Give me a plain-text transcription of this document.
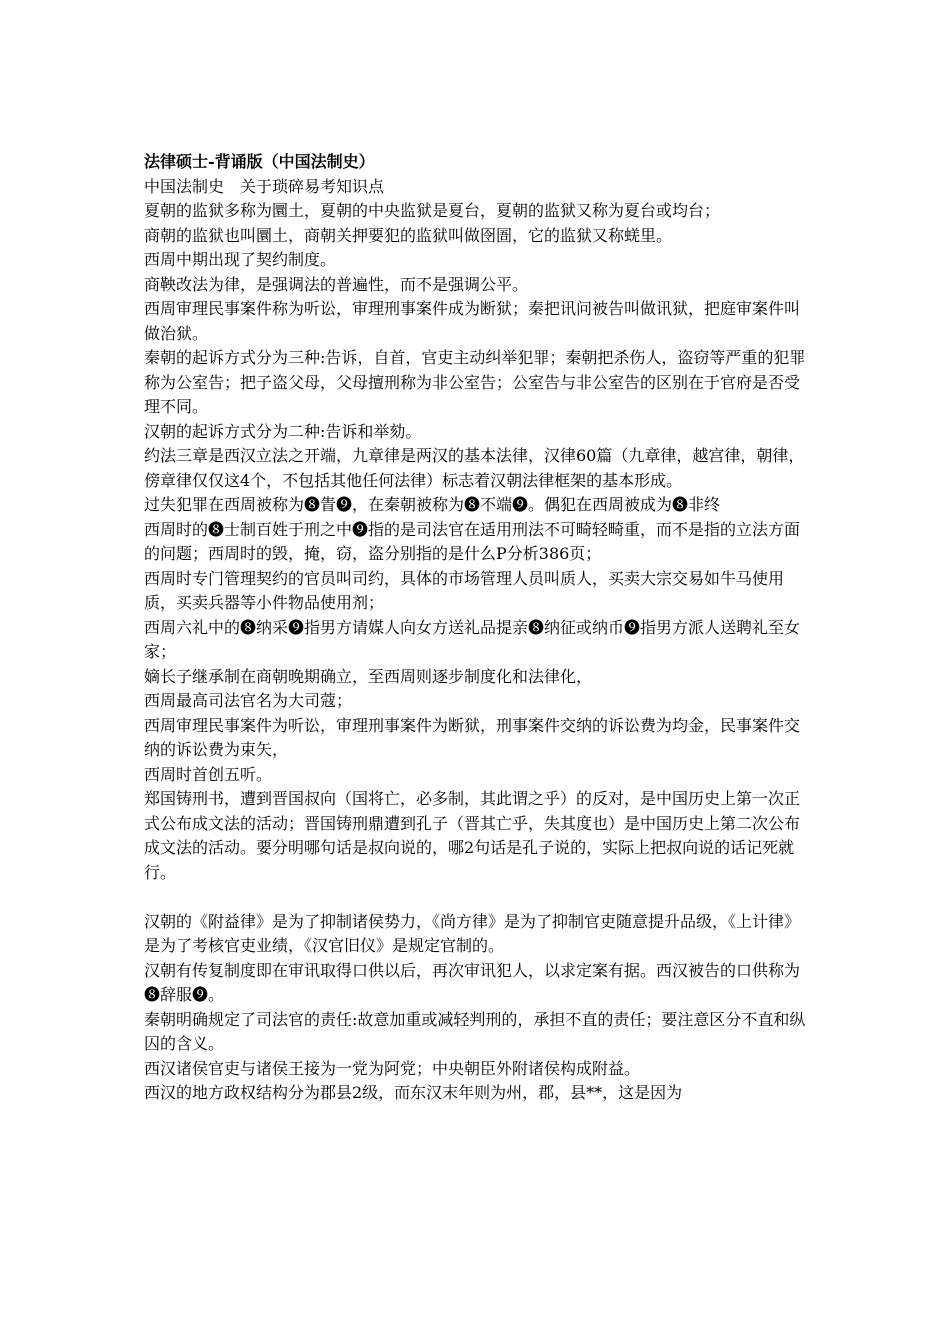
法律硕士-背诵版（中国法制史）

中国法制史　关于琐碎易考知识点

夏朝的监狱多称为圜土，夏朝的中央监狱是夏台，夏朝的监狱又称为夏台或均台；

商朝的监狱也叫圜土，商朝关押要犯的监狱叫做囹圄，它的监狱又称蜣里。

西周中期出现了契约制度。

商鞅改法为律，是强调法的普遍性，而不是强调公平。

西周审理民事案件称为听讼，审理刑事案件成为断狱；秦把讯问被告叫做讯狱，把庭审案件叫做治狱。

秦朝的起诉方式分为三种:告诉，自首，官吏主动纠举犯罪；秦朝把杀伤人，盗窃等严重的犯罪称为公室告；把子盗父母，父母擅刑称为非公室告；公室告与非公室告的区别在于官府是否受理不同。

汉朝的起诉方式分为二种:告诉和举劾。

约法三章是西汉立法之开端，九章律是两汉的基本法律，汉律60篇（九章律，越宫律，朝律，傍章律仅仅这4个，不包括其他任何法律）标志着汉朝法律框架的基本形成。

过失犯罪在西周被称为❽眚❾，在秦朝被称为❽不端❾。偶犯在西周被成为❽非终

西周时的❽士制百姓于刑之中❾指的是司法官在适用刑法不可畸轻畸重，而不是指的立法方面的问题；西周时的毁，掩，窃，盗分别指的是什么P分析386页；

西周时专门管理契约的官员叫司约，具体的市场管理人员叫质人，买卖大宗交易如牛马使用质，买卖兵器等小件物品使用剂；

西周六礼中的❽纳采❾指男方请媒人向女方送礼品提亲❽纳征或纳币❾指男方派人送聘礼至女家；

嫡长子继承制在商朝晚期确立，至西周则逐步制度化和法律化，

西周最高司法官名为大司蔻；

西周审理民事案件为听讼，审理刑事案件为断狱，刑事案件交纳的诉讼费为均金，民事案件交纳的诉讼费为束矢，

西周时首创五听。

郑国铸刑书，遭到晋国叔向（国将亡，必多制，其此谓之乎）的反对，是中国历史上第一次正式公布成文法的活动；晋国铸刑鼎遭到孔子（晋其亡乎，失其度也）是中国历史上第二次公布成文法的活动。要分明哪句话是叔向说的，哪2句话是孔子说的，实际上把叔向说的话记死就行。

汉朝的《附益律》是为了抑制诸侯势力，《尚方律》是为了抑制官吏随意提升品级，《上计律》是为了考核官吏业绩，《汉官旧仪》是规定官制的。

汉朝有传复制度即在审讯取得口供以后，再次审讯犯人，以求定案有据。西汉被告的口供称为❽辞服❾。

秦朝明确规定了司法官的责任:故意加重或减轻判刑的，承担不直的责任；要注意区分不直和纵囚的含义。

西汉诸侯官吏与诸侯王接为一党为阿党；中央朝臣外附诸侯构成附益。

西汉的地方政权结构分为郡县2级，而东汉末年则为州，郡，县**，这是因为
